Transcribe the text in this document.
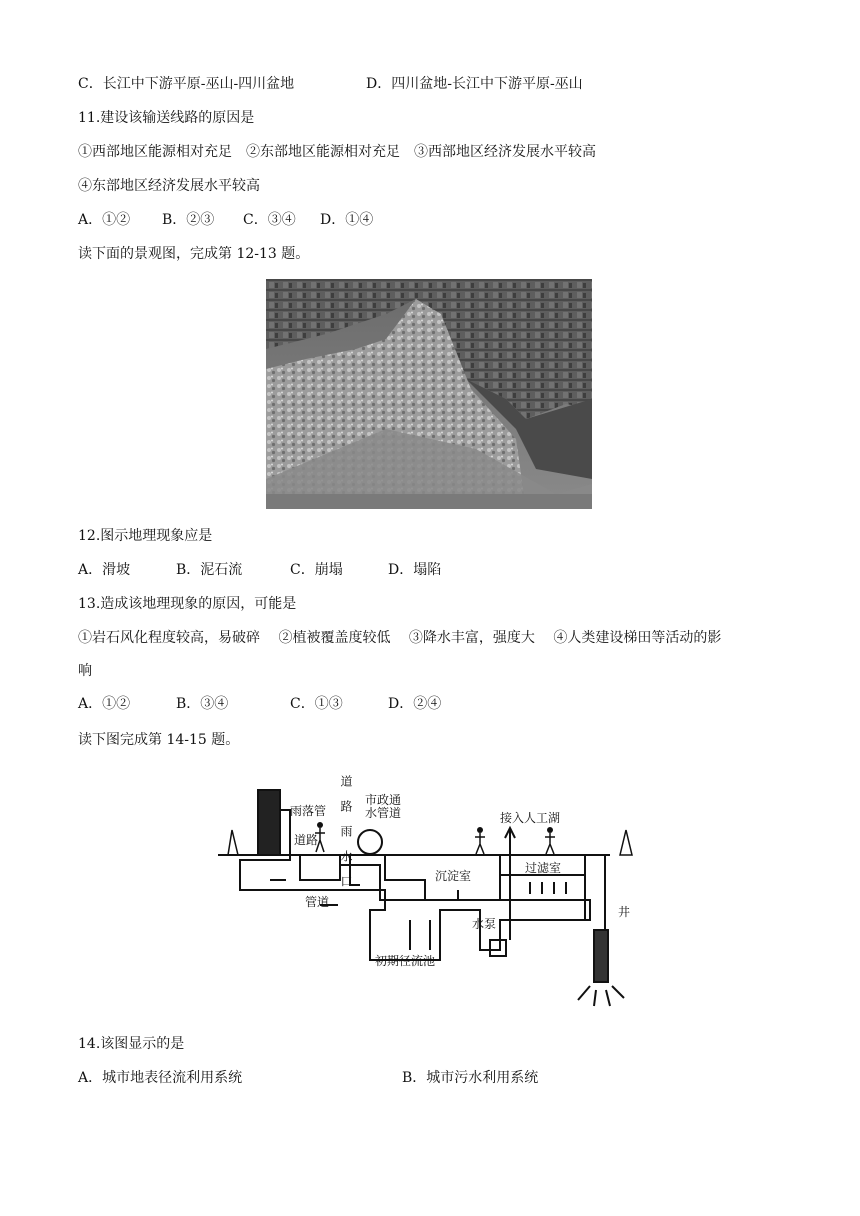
C．长江中下游平原-巫山-四川盆地	D．四川盆地-长江中下游平原-巫山
11.建设该输送线路的原因是
①西部地区能源相对充足　②东部地区能源相对充足　③西部地区经济发展水平较高
④东部地区经济发展水平较高
A．①② B．②③ C．③④ D．①④
读下面的景观图，完成第 12-13 题。
12.图示地理现象应是
A．滑坡	B．泥石流	C．崩塌	D．塌陷
13.造成该地理现象的原因，可能是
①岩石风化程度较高，易破碎　 ②植被覆盖度较低　 ③降水丰富，强度大　 ④人类建设梯田等活动的影
响
A．①②	B．③④	C．①③	D．②④
读下图完成第 14-15 题。
雨落管
道路
道路雨水口
市政通水管道
管道
接入人工湖
沉淀室
过滤室
水泵
井
初期径流池
14.该图显示的是
A．城市地表径流利用系统	B．城市污水利用系统
